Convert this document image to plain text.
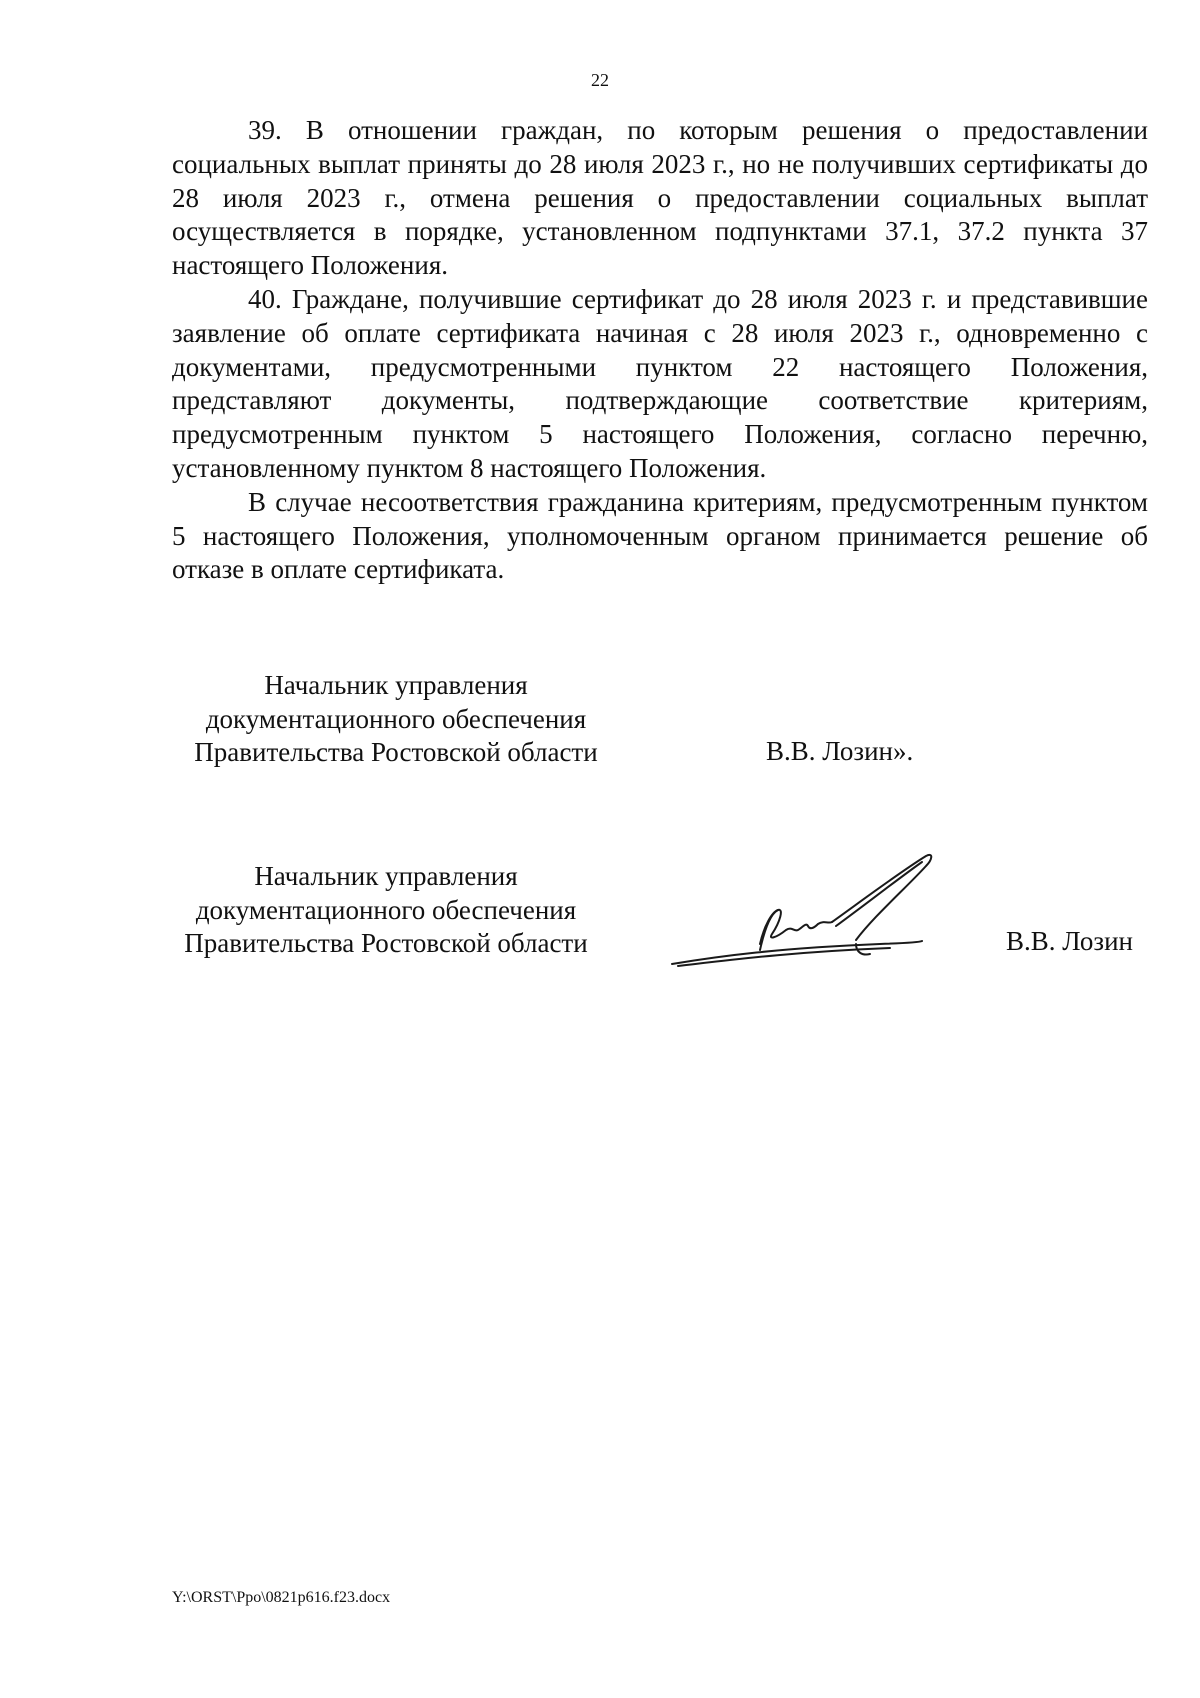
22

39. В отношении граждан, по которым решения о предоставлении социальных выплат приняты до 28 июля 2023 г., но не получивших сертификаты до 28 июля 2023 г., отмена решения о предоставлении социальных выплат осуществляется в порядке, установленном подпунктами 37.1, 37.2 пункта 37 настоящего Положения.

40. Граждане, получившие сертификат до 28 июля 2023 г. и представившие заявление об оплате сертификата начиная с 28 июля 2023 г., одновременно с документами, предусмотренными пунктом 22 настоящего Положения, представляют документы, подтверждающие соответствие критериям, предусмотренным пунктом 5 настоящего Положения, согласно перечню, установленному пунктом 8 настоящего Положения.

В случае несоответствия гражданина критериям, предусмотренным пунктом 5 настоящего Положения, уполномоченным органом принимается решение об отказе в оплате сертификата.

Начальник управления
документационного обеспечения
Правительства Ростовской области	В.В. Лозин».
Начальник управления
документационного обеспечения
Правительства Ростовской области	В.В. Лозин
Y:\ORST\Ppo\0821p616.f23.docx
